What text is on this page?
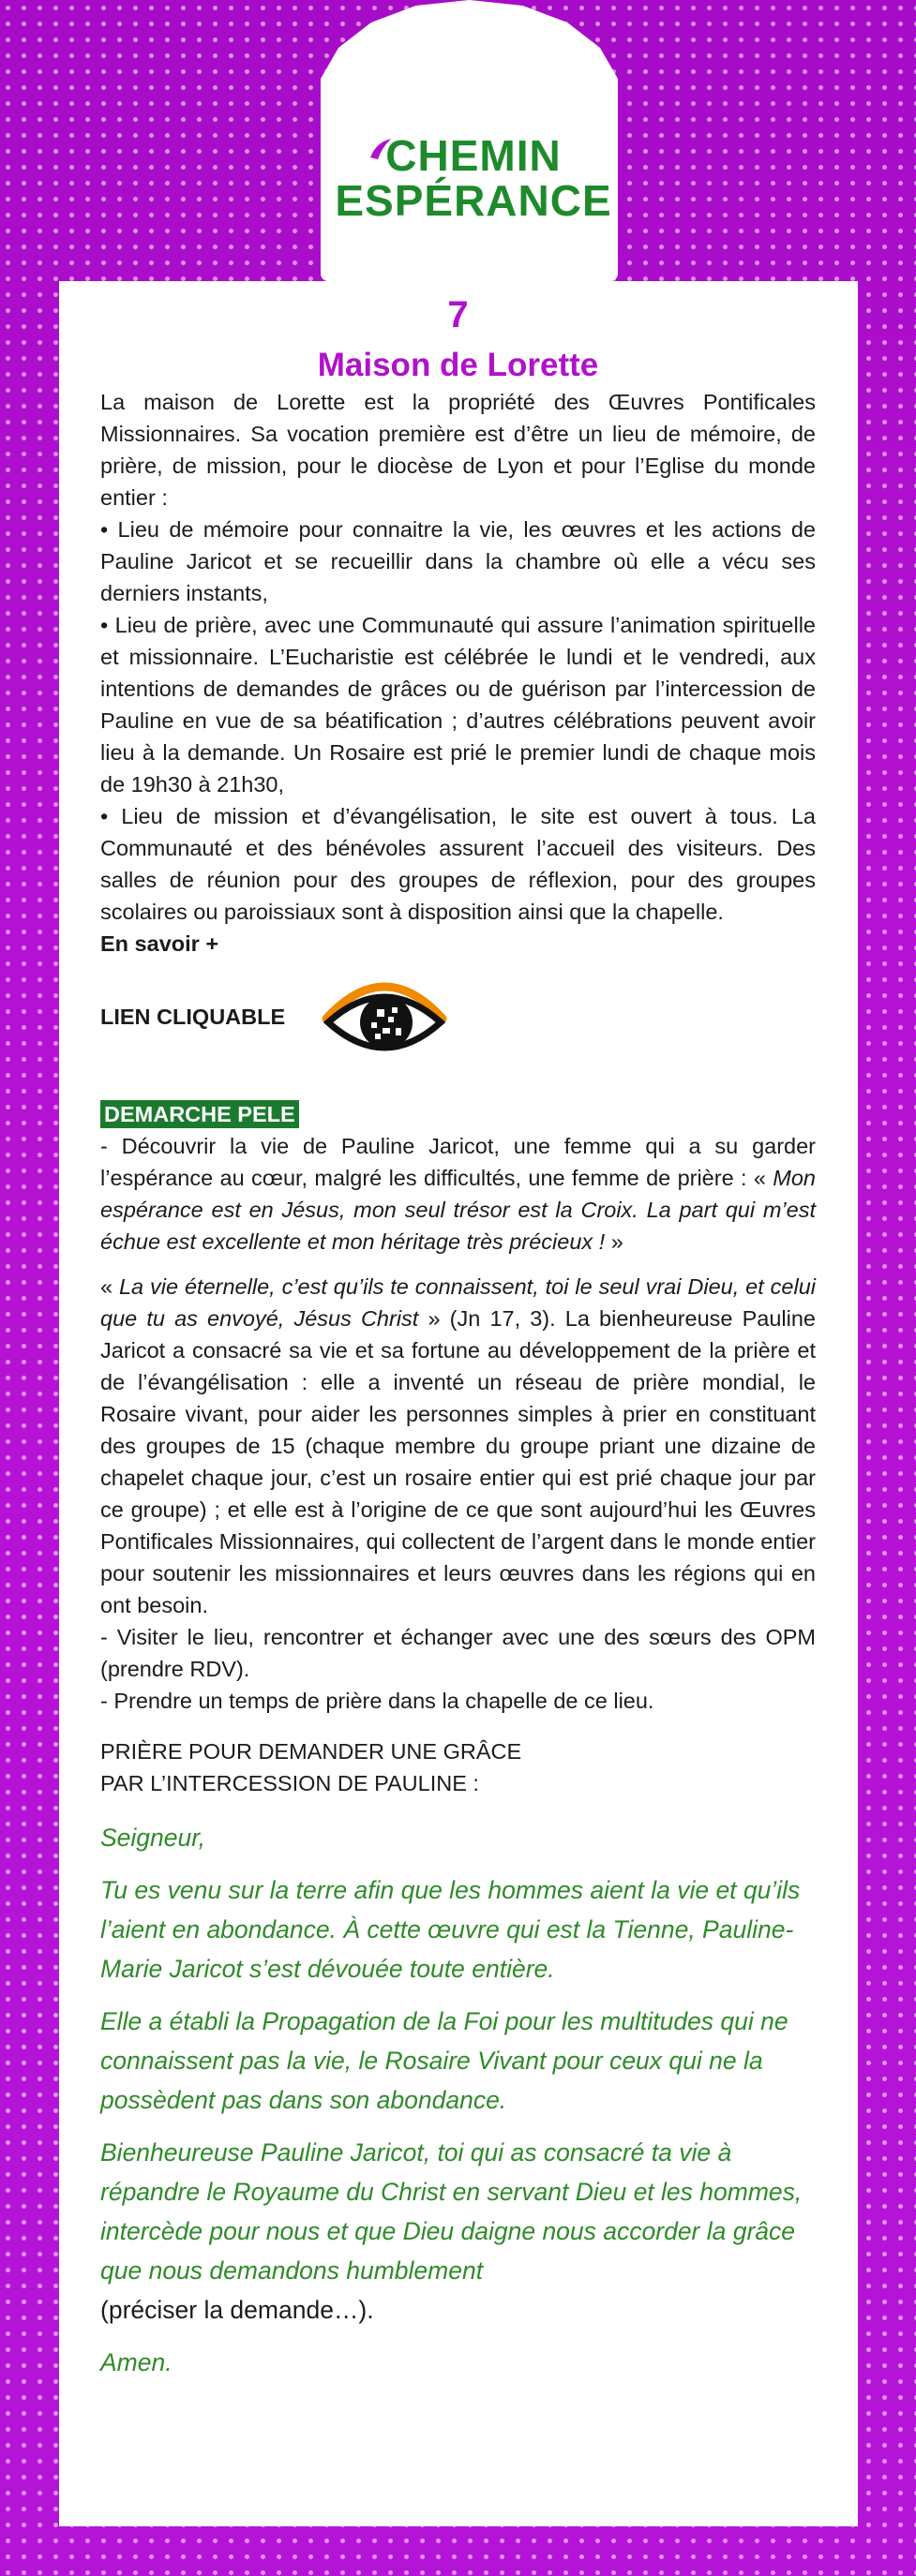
CHEMIN
ESPÉRANCE
7
Maison de Lorette

La maison de Lorette est la propriété des Œuvres Pontificales Missionnaires. Sa vocation première est d’être un lieu de mémoire, de prière, de mission, pour le diocèse de Lyon et pour l’Eglise du monde entier :

• Lieu de mémoire pour connaitre la vie, les œuvres et les actions de Pauline Jaricot et se recueillir dans la chambre où elle a vécu ses derniers instants,

• Lieu de prière, avec une Communauté qui assure l’animation spirituelle et missionnaire. L’Eucharistie est célébrée le lundi et le vendredi, aux intentions de demandes de grâces ou de guérison par l’intercession de Pauline en vue de sa béatification ; d’autres célébrations peuvent avoir lieu à la demande. Un Rosaire est prié le premier lundi de chaque mois de 19h30 à 21h30,

• Lieu de mission et d’évangélisation, le site est ouvert à tous. La Communauté et des bénévoles assurent l’accueil des visiteurs. Des salles de réunion pour des groupes de réflexion, pour des groupes scolaires ou paroissiaux sont à disposition ainsi que la chapelle.

En savoir +

LIEN CLIQUABLE
DEMARCHE PELE

- Découvrir la vie de Pauline Jaricot, une femme qui a su garder l’espérance au cœur, malgré les difficultés, une femme de prière : « Mon espérance est en Jésus, mon seul trésor est la Croix. La part qui m’est échue est excellente et mon héritage très précieux ! »

« La vie éternelle, c’est qu’ils te connaissent, toi le seul vrai Dieu, et celui que tu as envoyé, Jésus Christ » (Jn 17, 3). La bienheureuse Pauline Jaricot a consacré sa vie et sa fortune au développement de la prière et de l’évangélisation : elle a inventé un réseau de prière mondial, le Rosaire vivant, pour aider les personnes simples à prier en constituant des groupes de 15 (chaque membre du groupe priant une dizaine de chapelet chaque jour, c’est un rosaire entier qui est prié chaque jour par ce groupe) ; et elle est à l’origine de ce que sont aujourd’hui les Œuvres Pontificales Missionnaires, qui collectent de l’argent dans le monde entier pour soutenir les missionnaires et leurs œuvres dans les régions qui en ont besoin.

- Visiter le lieu, rencontrer et échanger avec une des sœurs des OPM (prendre RDV).

- Prendre un temps de prière dans la chapelle de ce lieu.

PRIÈRE POUR DEMANDER UNE GRÂCE

PAR L’INTERCESSION DE PAULINE :

Seigneur,

Tu es venu sur la terre afin que les hommes aient la vie et qu’ils l’aient en abondance. À cette œuvre qui est la Tienne, Pauline-Marie Jaricot s’est dévouée toute entière.

Elle a établi la Propagation de la Foi pour les multitudes qui ne connaissent pas la vie, le Rosaire Vivant pour ceux qui ne la possèdent pas dans son abondance.

Bienheureuse Pauline Jaricot, toi qui as consacré ta vie à répandre le Royaume du Christ en servant Dieu et les hommes, intercède pour nous et que Dieu daigne nous accorder la grâce que nous demandons humblement

(préciser la demande…).

Amen.
